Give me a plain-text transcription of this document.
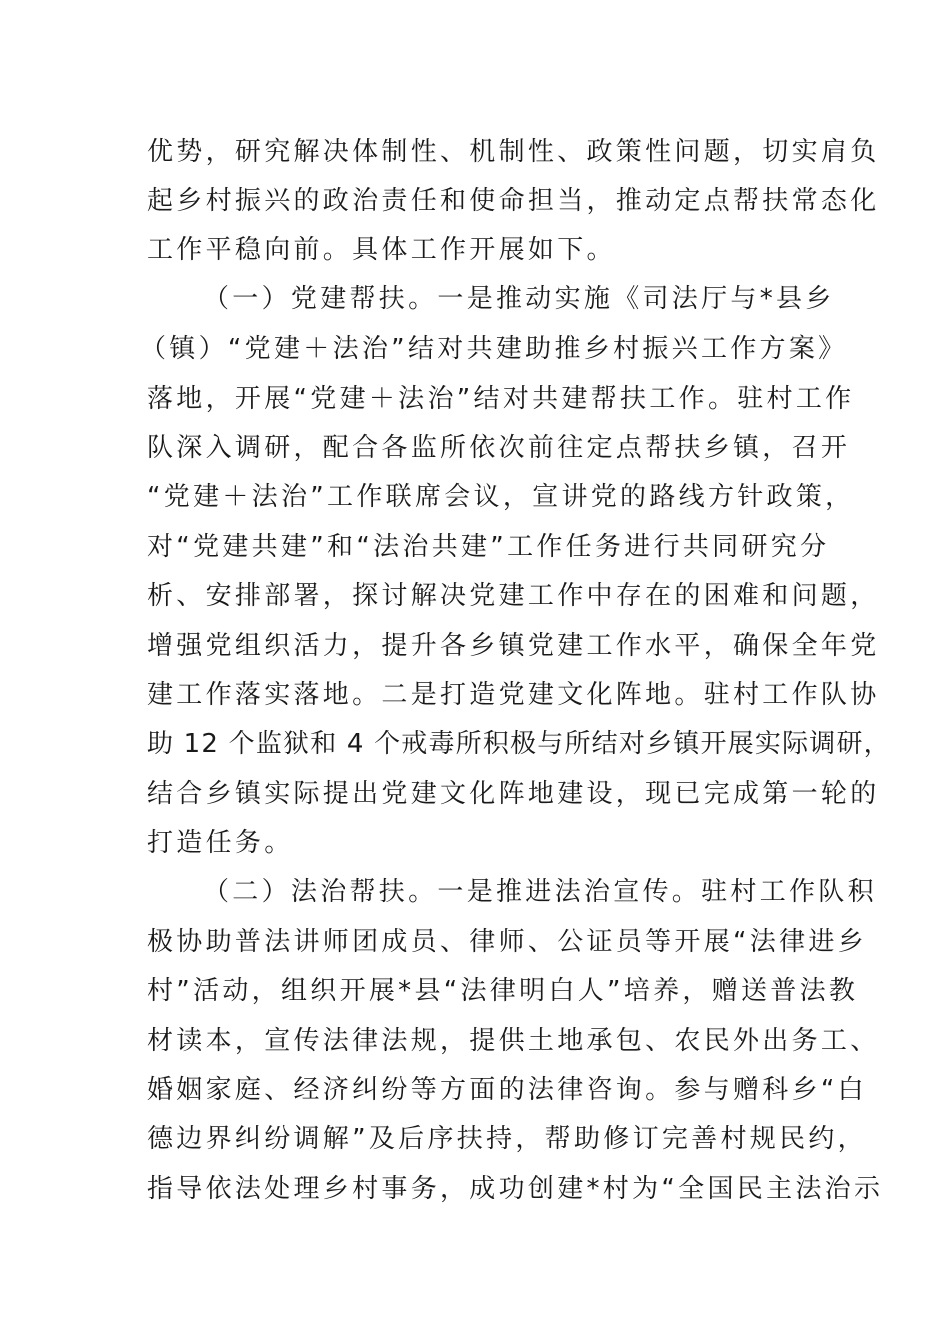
优势，研究解决体制性、机制性、政策性问题，切实肩负
起乡村振兴的政治责任和使命担当，推动定点帮扶常态化
工作平稳向前。具体工作开展如下。
（一）党建帮扶。一是推动实施《司法厅与*县乡
（镇）“党建＋法治”结对共建助推乡村振兴工作方案》
落地，开展“党建＋法治”结对共建帮扶工作。驻村工作
队深入调研，配合各监所依次前往定点帮扶乡镇，召开
“党建＋法治”工作联席会议，宣讲党的路线方针政策，
对“党建共建”和“法治共建”工作任务进行共同研究分
析、安排部署，探讨解决党建工作中存在的困难和问题，
增强党组织活力，提升各乡镇党建工作水平，确保全年党
建工作落实落地。二是打造党建文化阵地。驻村工作队协
助 12 个监狱和 4 个戒毒所积极与所结对乡镇开展实际调研，
结合乡镇实际提出党建文化阵地建设，现已完成第一轮的
打造任务。
（二）法治帮扶。一是推进法治宣传。驻村工作队积
极协助普法讲师团成员、律师、公证员等开展“法律进乡
村”活动，组织开展*县“法律明白人”培养，赠送普法教
材读本，宣传法律法规，提供土地承包、农民外出务工、
婚姻家庭、经济纠纷等方面的法律咨询。参与赠科乡“白
德边界纠纷调解”及后序扶持，帮助修订完善村规民约，
指导依法处理乡村事务，成功创建*村为“全国民主法治示
